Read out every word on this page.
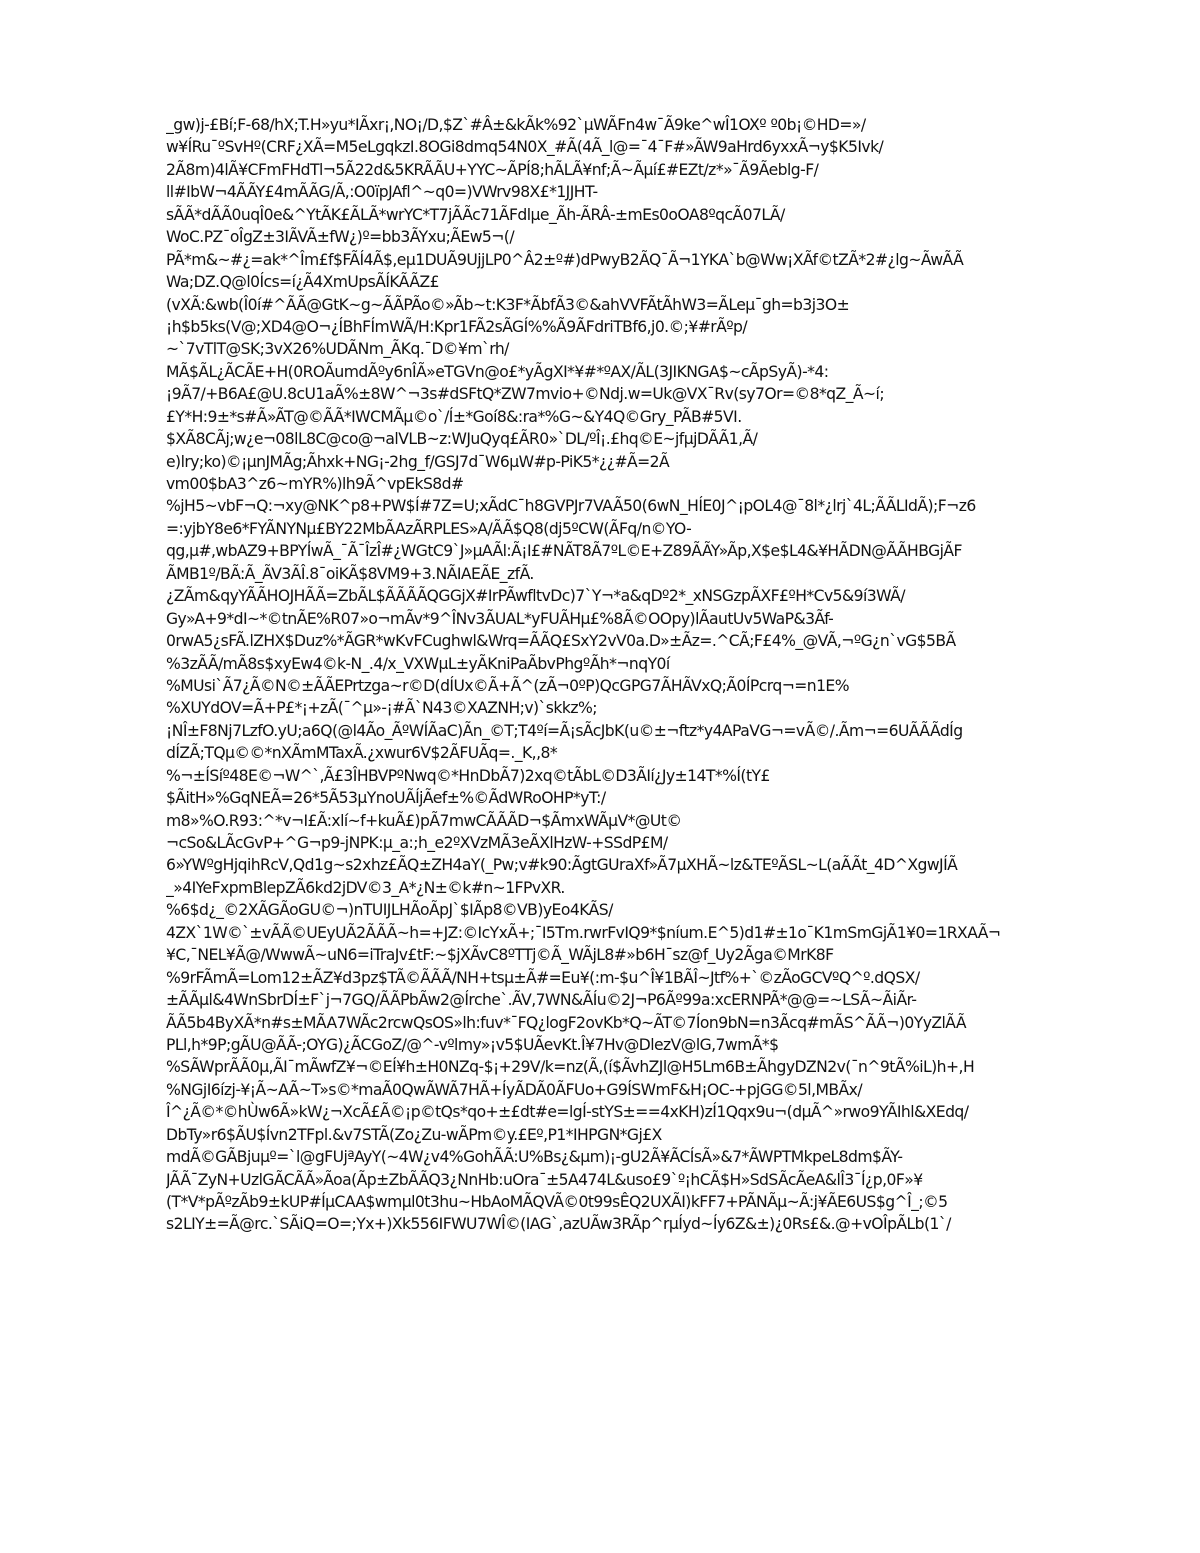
_gw)j-£Bí;F-68/hX;T.H»yu*IÃxr¡,NO¡/D,$Z`#Â±&kÃk%92`µWÃFn4w¯Ã9ke^wÎ1OXº º0b¡©HD=»/
w¥ÍRu¯ºSvHº(CRF¿XÃ=M5eLgqkzI.8OGi8dmq54N0X_#Ã(4Ã_l@=¯4¯F#»ÃW9aHrd6yxxÃ¬y$K5Ivk/
2Ã8m)4lÃ¥CFmFHdTl¬5Ã22d&5KRÃÃU+YYC~ÃPÍ8;hÃLÃ¥nf;Ã~Ãµí£#EZt/z*»¯Ã9Ãeblg-F/
ll#IbW¬4ÃÃY£4mÃÃG/Ã,:O0ïpJAfl^~q0=)VWrv98X£*1JJHT-
sÃÃ*dÃÃ0uqÎ0e&^YtÃK£ÃLÃ*wrYC*T7jÃÃc71ÃFdlµe_Ãh-ÃRÂ-±mEs0oOA8ºqcÃ07LÃ/
WoC.PZ¯oÎgZ±3IÃVÃ±fW¿)º=bb3ÃYxu;ÃEw5¬(/
PÃ*m&~#¿=ak*^Îm£f$FÃÍ4Ã$,eµ1DUÃ9UjjLP0^Â2±º#)dPwyB2ÃQ¯Ã¬1YKA`b@Ww¡XÃf©tZÃ*2#¿lg~ÃwÃÃ
Wa;DZ.Q@l0Ícs=í¿Ã4XmUpsÃÍKÃÃZ£
(vXÃ:&wb(Î0í#^ÃÃ@GtK~g~ÃÃPÃo©»Ãb~t:K3F*ÃbfÃ3©&ahVVFÃtÃhW3=ÃLeµ¯gh=b3j3O±
¡h$b5ks(V@;XD4@O¬¿ÍBhFÍmWÃ/H:Kpr1FÃ2sÃGÍ%%Ã9ÃFdriTBf6,j0.©;¥#rÃºp/
~`7vTlT@SK;3vX26%UDÃNm_ÃKq.¯D©¥m`rh/
MÃ$ÃL¿ÃCÃE+H(0ROÃumdÃºy6nÎÃ»eTGVn@o£*yÃgXI*¥#*ºAX/ÃL(3JIKNGA$~cÃpSyÃ)-*4:
¡9Ã7/+B6A£@U.8cU1aÃ%±8W^¬3s#dSFtQ*ZW7mvio+©Ndj.w=Uk@VX¯Rv(sy7Or=©8*qZ_Ã~í;
£Y*H:9±*s#Ã»ÃT@©ÃÃ*IWCMÃµ©o`/Í±*Goí8&:ra*%G~&Y4Q©Gry_PÃB#5VI.
$XÃ8CÃj;w¿e¬08lL8C@co@¬alVLB~z:WJuQyq£ÃR0»`DL/ºÎ¡.£hq©E~jfµjDÃÃ1,Ã/
e)lry;ko)©¡µnJMÃg;Ãhxk+NG¡-2hg_f/GSJ7d¯W6µW#p-PiK5*¿¿#Ã=2Ã
vm00$bA3^z6~mYR%)lh9Ã^vpEkS8d#
%jH5~vbF¬Q:¬xy@NK^p8+PW$Í#7Z=U;xÃdC¯h8GVPJr7VAÃ50(6wN_HÍE0J^¡pOL4@¯8l*¿lrj`4L;ÃÃLIdÃ);F¬z6
=:yjbY8e6*FYÃNYNµ£BY22MbÃAzÃRPLES»A/ÃÃ$Q8(dj5ºCW(ÃFq/n©YO-
qg,µ#,wbAZ9+BPYÍwÃ_¯Ã¯ÎzÎ#¿WGtC9`J»µAÃl:Ã¡I£#NÃT8Ã7ºL©E+Z89ÃÃY»Ãp,X$e$L4&¥HÃDN@ÃÃHBGjÃF
ÃMB1º/BÃ:Ã_ÃV3ÃÎ.8¯oiKÃ$8VM9+3.NÃIAEÃE_zfÃ.
¿ZÃm&qyYÃÃHOJHÃÃ=ZbÃL$ÃÃÃÃQGGjX#IrPÃwfltvDc)7`Y¬*a&qDº2*_xNSGzpÃXF£ºH*Cv5&9í3WÃ/
Gy»A+9*dI~*©tnÃE%R07»o¬mÃv*9^ÎNv3ÃUAL*yFUÃHµ£%8Ã©OOpy)lÃautUv5WaP&3Ãf-
0rwA5¿sFÃ.lZHX$Duz%*ÃGR*wKvFCughwl&Wrq=ÃÃQ£SxY2vV0a.D»±Ãz=.^CÃ;F£4%_@VÃ,¬ºG¿n`vG$5BÃ
%3zÃÃ/mÃ8s$xyEw4©k-N_.4/x_VXWµL±yÃKniPaÃbvPhgºÃh*¬nqY0í
%MUsi`Ã7¿Ã©N©±ÃÃEPrtzga~r©D(dÍUx©Ã+Ã^(zÃ¬0ºP)QcGPG7ÃHÃVxQ;Ã0ÍPcrq¬=n1E%
%XUYdOV=Ã+P£*¡+zÃ(¯^µ»-¡#Ã`N43©XAZNH;v)`skkz%;
¡NÎ±F8Nj7LzfO.yU;a6Q(@l4Ão_ÃºWÍÃaC)Ãn_©T;T4ºí=Ã¡sÃcJbK(u©±¬ftz*y4APaVG¬=vÃ©/.Ãm¬=6UÃÃÃdÍg
dÍZÃ;TQµ©©*nXÃmMTaxÃ.¿xwur6V$2ÃFUÃq=._K,,8*
%¬±ÍSíº48E©¬W^`,Ã£3ÎHBVPºNwq©*HnDbÃ7)2xq©tÃbL©D3ÃIí¿Jy±14T*%Í(tY£
$ÃitH»%GqNEÃ=26*5Ã53µYnoUÃÍjÃef±%©ÃdWRoOHP*yT:/
m8»%O.R93:^*v¬I£Ã:xlí~f+kuÃ£)pÃ7mwCÃÃÃD¬$ÃmxWÃµV*@Ut©
¬cSo&LÃcGvP+^G¬p9-jNPK:µ_a:;h_e2ºXVzMÃ3eÃXlHzW-+SSdP£M/
6»YWºgHjqihRcV,Qd1g~s2xhz£ÃQ±ZH4aY(_Pw;v#k90:ÃgtGUraXf»Ã7µXHÃ~lz&TEºÃSL~L(aÃÃt_4D^XgwJÍÃ
_»4IYeFxpmBlepZÃ6kd2jDV©3_A*¿N±©k#n~1FPvXR.
%6$d¿_©2XÃGÃoGU©¬)nTUIJLHÃoÃpJ`$IÃp8©VB)yEo4KÃS/
4ZX`1W©`±vÃÃ©UEyUÃ2ÃÃÃ~h=+JZ:©IcYxÃ+;¯I5Tm.rwrFvIQ9*$níum.E^5)d1#±1o¯K1mSmGjÃ1¥0=1RXAÃ¬
¥C,¯NEL¥Ã@/WwwÃ~uN6=iTraJv£tF:~$jXÃvC8ºTTj©Ã_WÃjL8#»b6H¯sz@f_Uy2Ãga©MrK8F
%9rFÃmÃ=Lom12±ÃZ¥d3pz$TÃ©ÃÃÃ/NH+tsµ±Ã#=Eu¥(:m-$u^Î¥1BÃÎ~Jtf%+`©zÃoGCVºQ^º.dQSX/
±ÃÃµl&4WnSbrDÍ±F`j¬7GQ/ÃÃPbÃw2@Írche`.ÃV,7WN&ÃÍu©2J¬P6Ãº99a:xcERNPÃ*@@=~LSÃ~ÃiÃr-
ÃÃ5b4ByXÃ*n#s±MÃA7WÃc2rcwQsOS»lh:fuv*¯FQ¿logF2ovKb*Q~ÃT©7Íon9bN=n3Ãcq#mÃS^ÃÃ¬)0YyZlÃÃ
PLl,h*9P;gÃU@ÃÃ-;OYG)¿ÃCGoZ/@^-vºlmy»¡v5$UÃevKt.Î¥7Hv@DlezV@lG,7wmÃ*$
%SÃWprÃÃ0µ,ÃI¯mÃwfZ¥¬©EÍ¥h±H0NZq-$¡+29V/k=nz(Ã,(í$ÃvhZJl@H5Lm6B±ÃhgyDZN2v(¯n^9tÃ%iL)h+,H
%NGjI6ízj-¥¡Ã~AÃ~T»s©*maÃ0QwÃWÃ7HÃ+ÍyÃDÃ0ÃFUo+G9ÍSWmF&H¡OC-+pjGG©5l,MBÃx/
Î^¿Ã©*©hÙw6Ã»kW¿¬XcÃ£Ã©¡p©tQs*qo+±£dt#e=lgÍ-stYS±==4xKH)zÍ1Qqx9u¬(dµÃ^»rwo9YÃIhl&XEdq/
DbTy»r6$ÃU$Ívn2TFpl.&v7STÃ(Zo¿Zu-wÃPm©y.£Eº,P1*IHPGN*Gj£X
mdÃ©GÃBjuµº=`l@gFUjªAyY(~4W¿v4%GohÃÃ:U%Bs¿&µm)¡-gU2Ã¥ÃCÍsÃ»&7*ÃWPTMkpeL8dm$ÃY-
JÃÃ¯ZyN+UzlGÃCÃÃ»Ãoa(Ãp±ZbÃÃQ3¿NnHb:uOra¯±5A474L&uso£9`º¡hCÃ$H»SdSÃcÃeA&lÎ3¯Í¿p,0F»¥
(T*V*pÃºzÃb9±kUP#ÍµCAA$wmµl0t3hu~HbAoMÃQVÃ©0t99sÊQ2UXÃI)kFF7+PÃNÃµ~Ã:j¥ÃE6US$g^Î_;©5
s2LIY±=Ã@rc.`SÃiQ=O=;Yx+)Xk556IFWU7WÎ©(IAG`,azUÃw3RÃp^rµÍyd~Íy6Z&±)¿0Rs£&.@+vOÎpÃLb(1`/
